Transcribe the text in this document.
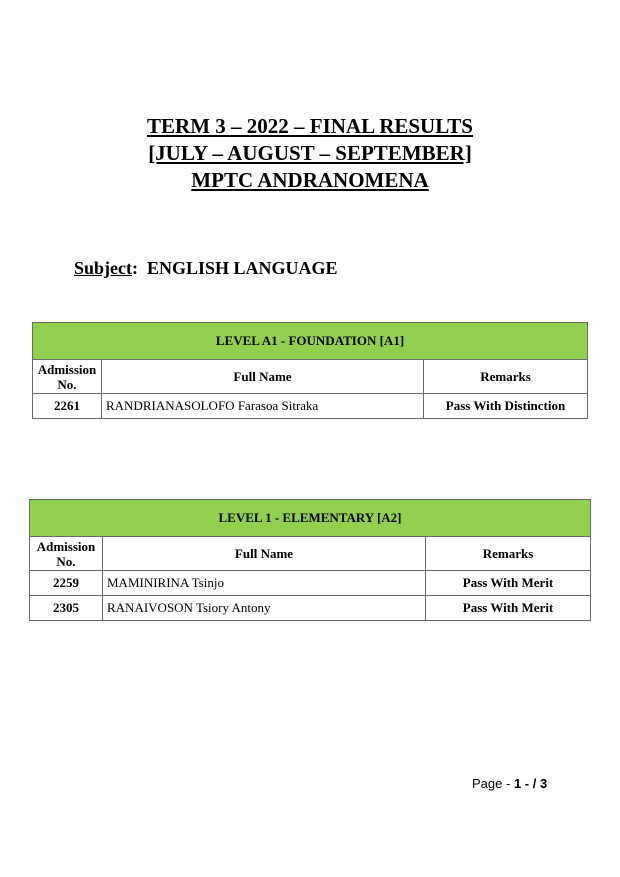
TERM 3 – 2022 – FINAL RESULTS
[JULY – AUGUST – SEPTEMBER]
MPTC ANDRANOMENA
Subject: ENGLISH LANGUAGE
LEVEL A1 - FOUNDATION [A1]		
Admission
No.	Full Name	Remarks
2261	RANDRIANASOLOFO Farasoa Sitraka	Pass With Distinction
LEVEL 1 - ELEMENTARY [A2]		
Admission
No.	Full Name	Remarks
2259	MAMINIRINA Tsinjo	Pass With Merit
2305	RANAIVOSON Tsiory Antony	Pass With Merit
Page - 1 - / 3
